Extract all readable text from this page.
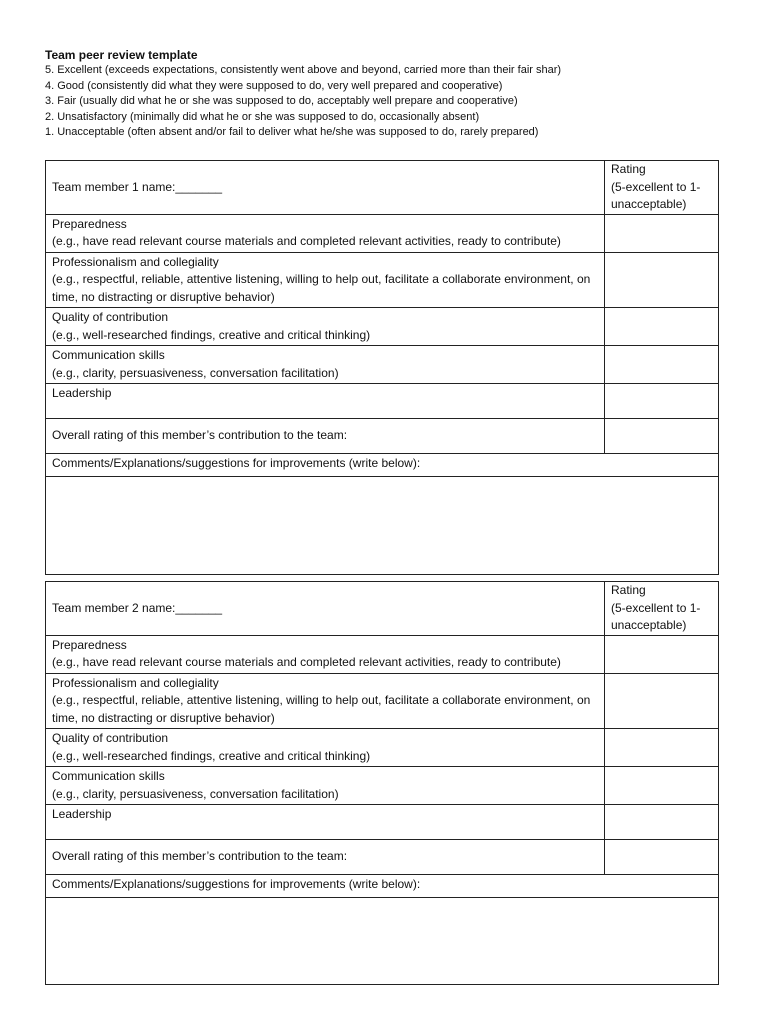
Team peer review template
5. Excellent (exceeds expectations, consistently went above and beyond, carried more than their fair shar)
4. Good (consistently did what they were supposed to do, very well prepared and cooperative)
3. Fair (usually did what he or she was supposed to do, acceptably well prepare and cooperative)
2. Unsatisfactory (minimally did what he or she was supposed to do, occasionally absent)
1. Unacceptable (often absent and/or fail to deliver what he/she was supposed to do, rarely prepared)
Team member 1 name:_______	Rating
(5-excellent to 1-
unacceptable)

Preparedness
(e.g., have read relevant course materials and completed relevant activities, ready to contribute)	

Professionalism and collegiality
(e.g., respectful, reliable, attentive listening, willing to help out, facilitate a collaborate environment, on time, no distracting or disruptive behavior)	

Quality of contribution
(e.g., well-researched findings, creative and critical thinking)	

Communication skills
(e.g., clarity, persuasiveness, conversation facilitation)	

Leadership	

Overall rating of this member’s contribution to the team:	
Comments/Explanations/suggestions for improvements (write below):	

Team member 2 name:_______	Rating
(5-excellent to 1-
unacceptable)

Preparedness
(e.g., have read relevant course materials and completed relevant activities, ready to contribute)	

Professionalism and collegiality
(e.g., respectful, reliable, attentive listening, willing to help out, facilitate a collaborate environment, on time, no distracting or disruptive behavior)	

Quality of contribution
(e.g., well-researched findings, creative and critical thinking)	

Communication skills
(e.g., clarity, persuasiveness, conversation facilitation)	

Leadership	

Overall rating of this member’s contribution to the team:	
Comments/Explanations/suggestions for improvements (write below):	
